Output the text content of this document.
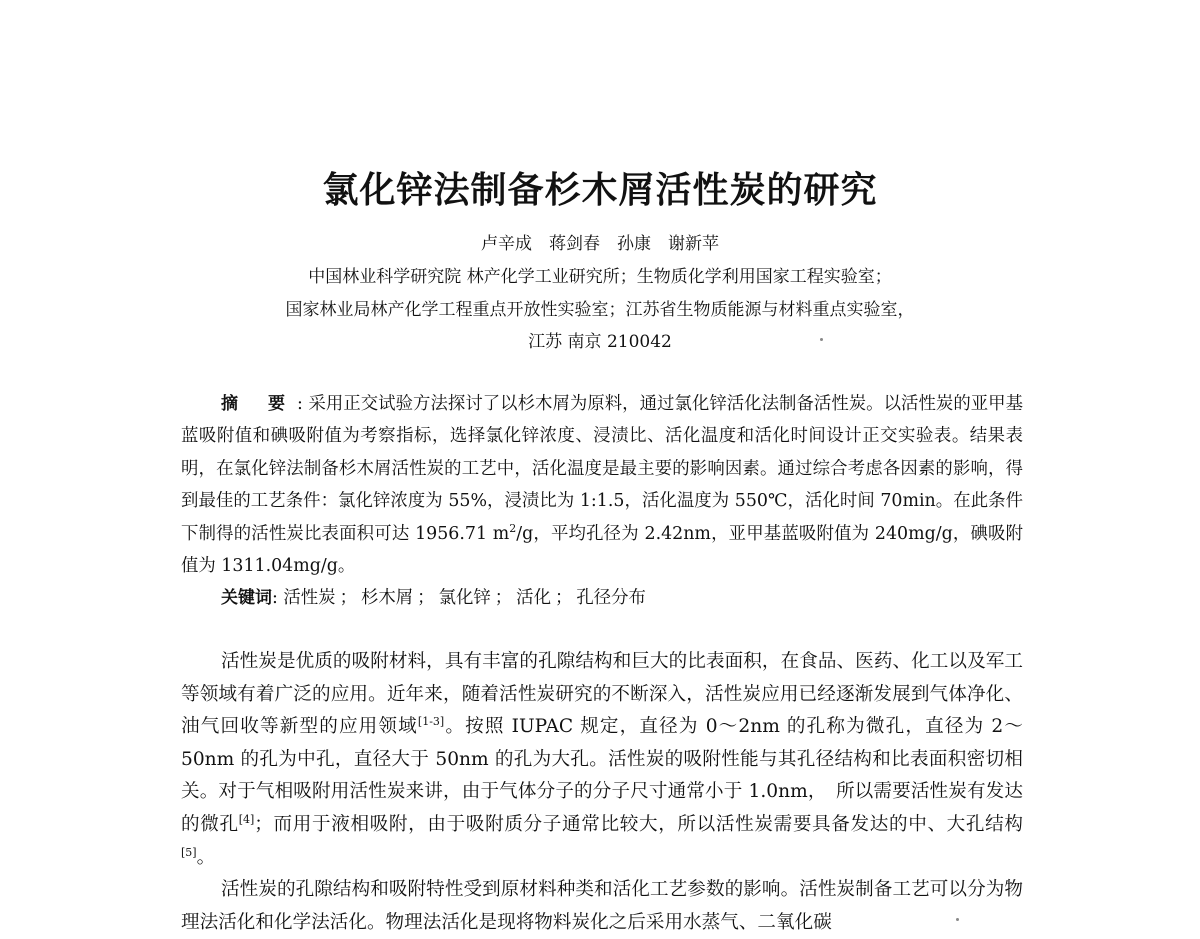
氯化锌法制备杉木屑活性炭的研究
卢辛成　蒋剑春　孙康　谢新苹
中国林业科学研究院 林产化学工业研究所；生物质化学利用国家工程实验室；
国家林业局林产化学工程重点开放性实验室；江苏省生物质能源与材料重点实验室，
江苏 南京 210042
摘 要: 采用正交试验方法探讨了以杉木屑为原料，通过氯化锌活化法制备活性炭。以活性炭的亚甲基蓝吸附值和碘吸附值为考察指标，选择氯化锌浓度、浸渍比、活化温度和活化时间设计正交实验表。结果表明，在氯化锌法制备杉木屑活性炭的工艺中，活化温度是最主要的影响因素。通过综合考虑各因素的影响，得到最佳的工艺条件：氯化锌浓度为 55%，浸渍比为 1:1.5，活化温度为 550℃，活化时间 70min。在此条件下制得的活性炭比表面积可达 1956.71 $m^2/g$，平均孔径为 2.42nm，亚甲基蓝吸附值为 240mg/g，碘吸附值为 1311.04mg/g。
关键词: 活性炭 ； 杉木屑 ； 氯化锌 ； 活化 ； 孔径分布

活性炭是优质的吸附材料，具有丰富的孔隙结构和巨大的比表面积，在食品、医药、化工以及军工等领域有着广泛的应用。近年来，随着活性炭研究的不断深入，活性炭应用已经逐渐发展到气体净化、油气回收等新型的应用领域[1-3]。按照 IUPAC 规定，直径为 0～2nm 的孔称为微孔，直径为 2～50nm 的孔为中孔，直径大于 50nm 的孔为大孔。活性炭的吸附性能与其孔径结构和比表面积密切相关。对于气相吸附用活性炭来讲，由于气体分子的分子尺寸通常小于 1.0nm，　所以需要活性炭有发达的微孔[4]；而用于液相吸附，由于吸附质分子通常比较大，所以活性炭需要具备发达的中、大孔结构[5]。

活性炭的孔隙结构和吸附特性受到原材料种类和活化工艺参数的影响。活性炭制备工艺可以分为物理法活化和化学法活化。物理法活化是现将物料炭化之后采用水蒸气、二氧化碳
